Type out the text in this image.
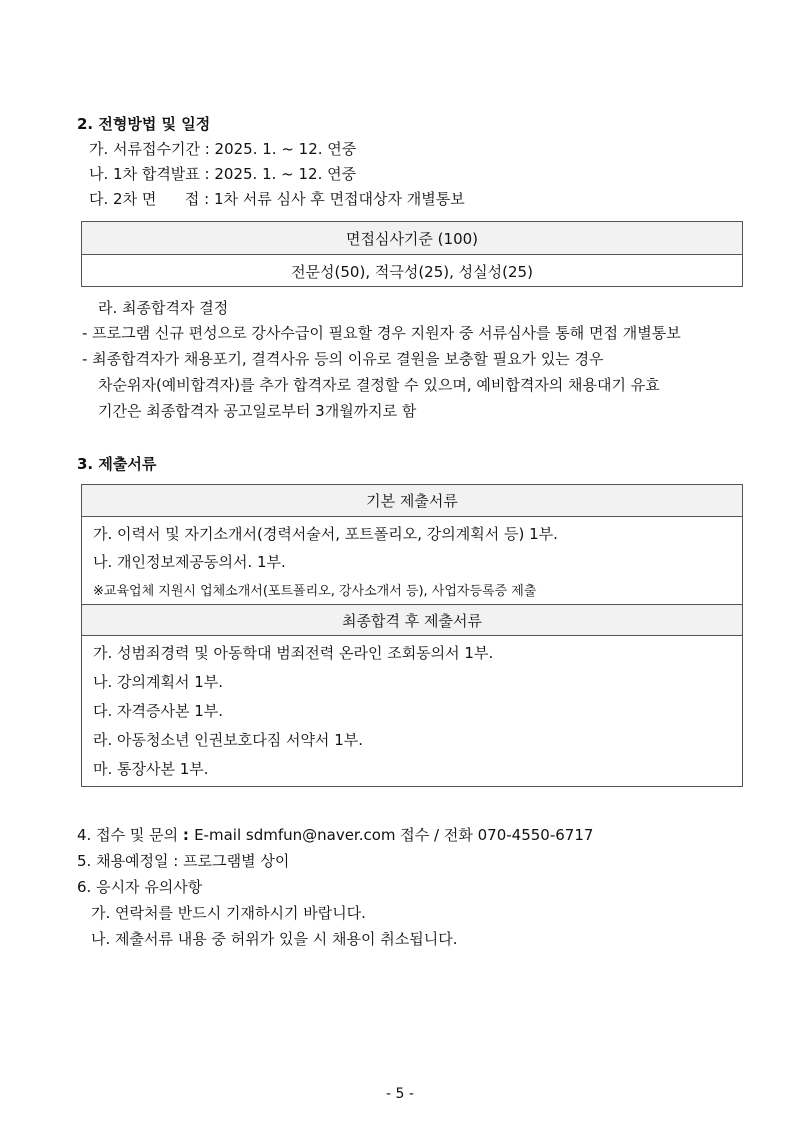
2. 전형방법 및 일정
가. 서류접수기간 : 2025. 1. ~ 12. 연중
나. 1차 합격발표 : 2025. 1. ~ 12. 연중
다. 2차 면      접 : 1차 서류 심사 후 면접대상자 개별통보
면접심사기준 (100)
전문성(50), 적극성(25), 성실성(25)
라. 최종합격자 결정
- 프로그램 신규 편성으로 강사수급이 필요할 경우 지원자 중 서류심사를 통해 면접 개별통보
- 최종합격자가 채용포기, 결격사유 등의 이유로 결원을 보충할 필요가 있는 경우
차순위자(예비합격자)를 추가 합격자로 결정할 수 있으며, 예비합격자의 채용대기 유효
기간은 최종합격자 공고일로부터 3개월까지로 함
3. 제출서류
기본 제출서류
가. 이력서 및 자기소개서(경력서술서, 포트폴리오, 강의계획서 등) 1부.
나. 개인정보제공동의서. 1부.
※교육업체 지원시 업체소개서(포트폴리오, 강사소개서 등), 사업자등록증 제출
최종합격 후 제출서류
가. 성범죄경력 및 아동학대 범죄전력 온라인 조회동의서 1부.
나. 강의계획서 1부.
다. 자격증사본 1부.
라. 아동청소년 인권보호다짐 서약서 1부.
마. 통장사본 1부.
4. 접수 및 문의 : E-mail sdmfun@naver.com 접수 / 전화 070-4550-6717
5. 채용예정일 : 프로그램별 상이
6. 응시자 유의사항
가. 연락처를 반드시 기재하시기 바랍니다.
나. 제출서류 내용 중 허위가 있을 시 채용이 취소됩니다.
- 5 -
